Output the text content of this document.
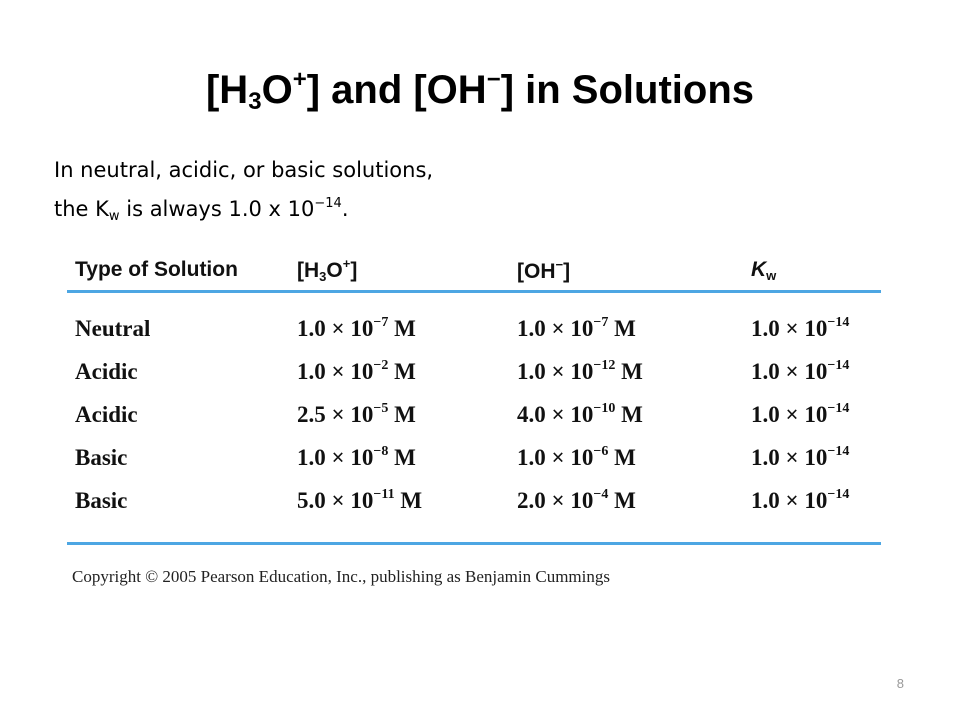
$[H_3O^+]$ and [OH−] in Solutions
In neutral, acidic, or basic solutions,
the $K_w$ is always 1.0 x $10^{-14}$.
Type of Solution	$[H_3O^+]$	[OH−]	$K_w$
Neutral	$1.0 \times 10^{-7}$ M	$1.0 \times 10^{-7}$ M	$1.0 \times 10^{-14}$
Acidic	$1.0 \times 10^{-2}$ M	$1.0 \times 10^{-12}$ M	$1.0 \times 10^{-14}$
Acidic	$2.5 \times 10^{-5}$ M	$4.0 \times 10^{-10}$ M	$1.0 \times 10^{-14}$
Basic	$1.0 \times 10^{-8}$ M	$1.0 \times 10^{-6}$ M	$1.0 \times 10^{-14}$
Basic	$5.0 \times 10^{-11}$ M	$2.0 \times 10^{-4}$ M	$1.0 \times 10^{-14}$
Copyright © 2005 Pearson Education, Inc., publishing as Benjamin Cummings
8
